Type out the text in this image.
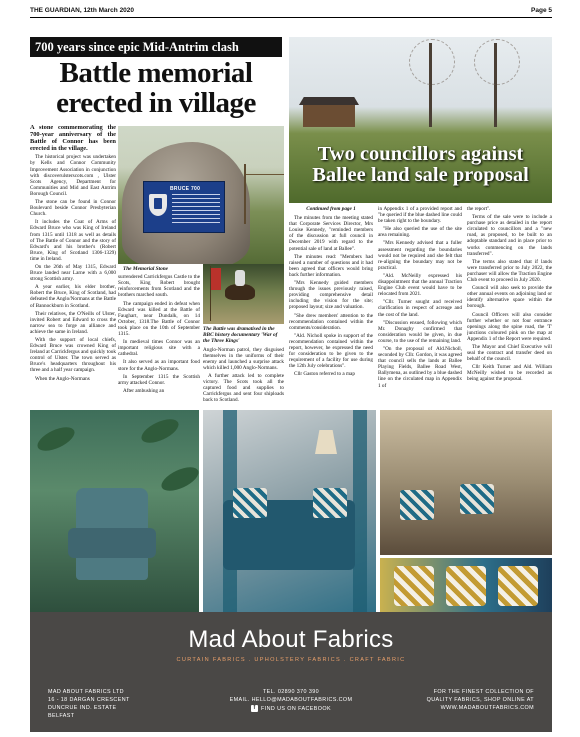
THE GUARDIAN, 12th March 2020	Page 5
700 years since epic Mid-Antrim clash
Battle memorial erected in village

A stone commemorating the 700-year anniversary of the Battle of Connor has been erected in the village.

The historical project was undertaken by Kells and Connor Community Improvement Association in conjunction with discoverulsterscots.com , Ulster Scots Agency, Department for Communities and Mid and East Antrim Borough Council.

The stone can be found in Connor Boulevard beside Connor Presbyterian Church.

It includes the Coat of Arms of Edward Bruce who was King of Ireland from 1315 until 1318 as well as details of The Battle of Connor and the story of Edward's and his brother's (Robert Bruce, King of Scotland 1306-1329) time in Ireland.

On the 26th of May 1315, Edward Bruce landed near Larne with a 6,000 strong Scottish army.

A year earlier, his elder brother, Robert the Bruce, King of Scotland, had defeated the Anglo/Normans at the Battle of Bannockburn in Scotland.

Their relatives, the O'Neills of Ulster, invited Robert and Edward to cross the narrow sea to forge an alliance and achieve the same in Ireland.

With the support of local chiefs, Edward Bruce was crowned King of Ireland at Carrickfergus and quickly took control of Ulster. The town served as Bruce's headquarters throughout his three and a half year campaign.

When the Anglo-Normans

BRUCE 700

The Memorial Stone

surrendered Carrickfergus Castle to the Scots, King Robert brought reinforcements from Scotland and the brothers marched south.

The campaign ended in defeat when Edward was killed at the Battle of Faughart, near Dundalk, on 14 October, 1318.The Battle of Connor took place on the 10th of September 1315.

In medieval times Connor was an important religious site with a cathedral.

It also served as an important food store for the Anglo-Normans.

In September 1315 the Scottish army attacked Connor.

After ambushing an

The Battle was dramatised in the BBC history documentary 'War of the Three Kings'

Anglo-Norman patrol, they disguised themselves in the uniforms of their enemy and launched a surprise attack which killed 1,000 Anglo-Normans.

A further attack led to complete victory. The Scots took all the captured food and supplies to Carrickfergus and sent four shiploads back to Scotland.

Two councillors against Ballee land sale proposal

Continued from page 1

The minutes from the meeting stated that Corporate Services Director, Mrs Louise Kennedy, "reminded members of the discussion at full council in December 2019 with regard to the potential sale of land at Ballee".

The minutes read: "Members had raised a number of questions and it had been agreed that officers would bring back further information.

"Mrs Kennedy guided members through the issues previously raised, providing comprehensive detail including the vision for the site; proposed layout; size and valuation.

"She drew members' attention to the recommendation contained within the comments/consideration.

"Ald. Nicholl spoke in support of the recommendation contained within the report, however, he expressed the need for consideration to be given to the requirement of a facility for use during the 12th July celebrations".

Cllr Gaston referred to a map

in Appendix 1 of a provided report and "he queried if the blue dashed line could be taken right to the boundary.

"He also queried the use of the site area remaining.

"Mrs Kennedy advised that a fuller assessment regarding the boundaries would not be required and she felt that re-aligning the boundary may not be practical.

"Ald. McNeilly expressed his disappointment that the annual Traction Engine Club event would have to be relocated from 2021.

"Cllr. Turner sought and received clarification in respect of acreage and the cost of the land.

"Discussion ensued, following which Mr. Donaghy confirmed that consideration would be given, in due course, to the use of the remaining land.

"On the proposal of Ald.Nicholl, seconded by Cllr. Gordon, it was agreed that council sells the lands at Ballee Playing Fields, Ballee Road West, Ballymena, as outlined by a blue dashed line on the circulated map in Appendix 1 of

the report".

Terms of the sale were to include a purchase price as detailed in the report circulated to councillors and a "new road, as proposed, to be built to an adoptable standard and in place prior to works commencing on the lands transferred".

The terms also stated that if lands were transferred prior to July 2022, the purchaser will allow the Traction Engine Club event to proceed in July 2020.

Council will also seek to provide the other annual events on adjoining land or identify alternative space within the borough.

Council Officers will also consider further whether or not four entrance openings along the spine road, the 'T' junctions coloured pink on the map at Appendix 1 of the Report were required.

The Mayor and Chief Executive will seal the contract and transfer deed on behalf of the council.

Cllr Keith Turner and Ald. William McNeilly wished to be recorded as being against the proposal.

Mad About Fabrics
CURTAIN FABRICS . UPHOLSTERY FABRICS . CRAFT FABRIC
MAD ABOUT FABRICS LTD
16 - 18 DARGAN CRESCENT
DUNCRUE IND. ESTATE
BELFAST
TEL. 02890 370 390
EMAIL. HELLO@MADABOUTFABRICS.COM
f FIND US ON FACEBOOK
FOR THE FINEST COLLECTION OF
QUALITY FABRICS, SHOP ONLINE AT
WWW.MADABOUTFABRICS.COM
